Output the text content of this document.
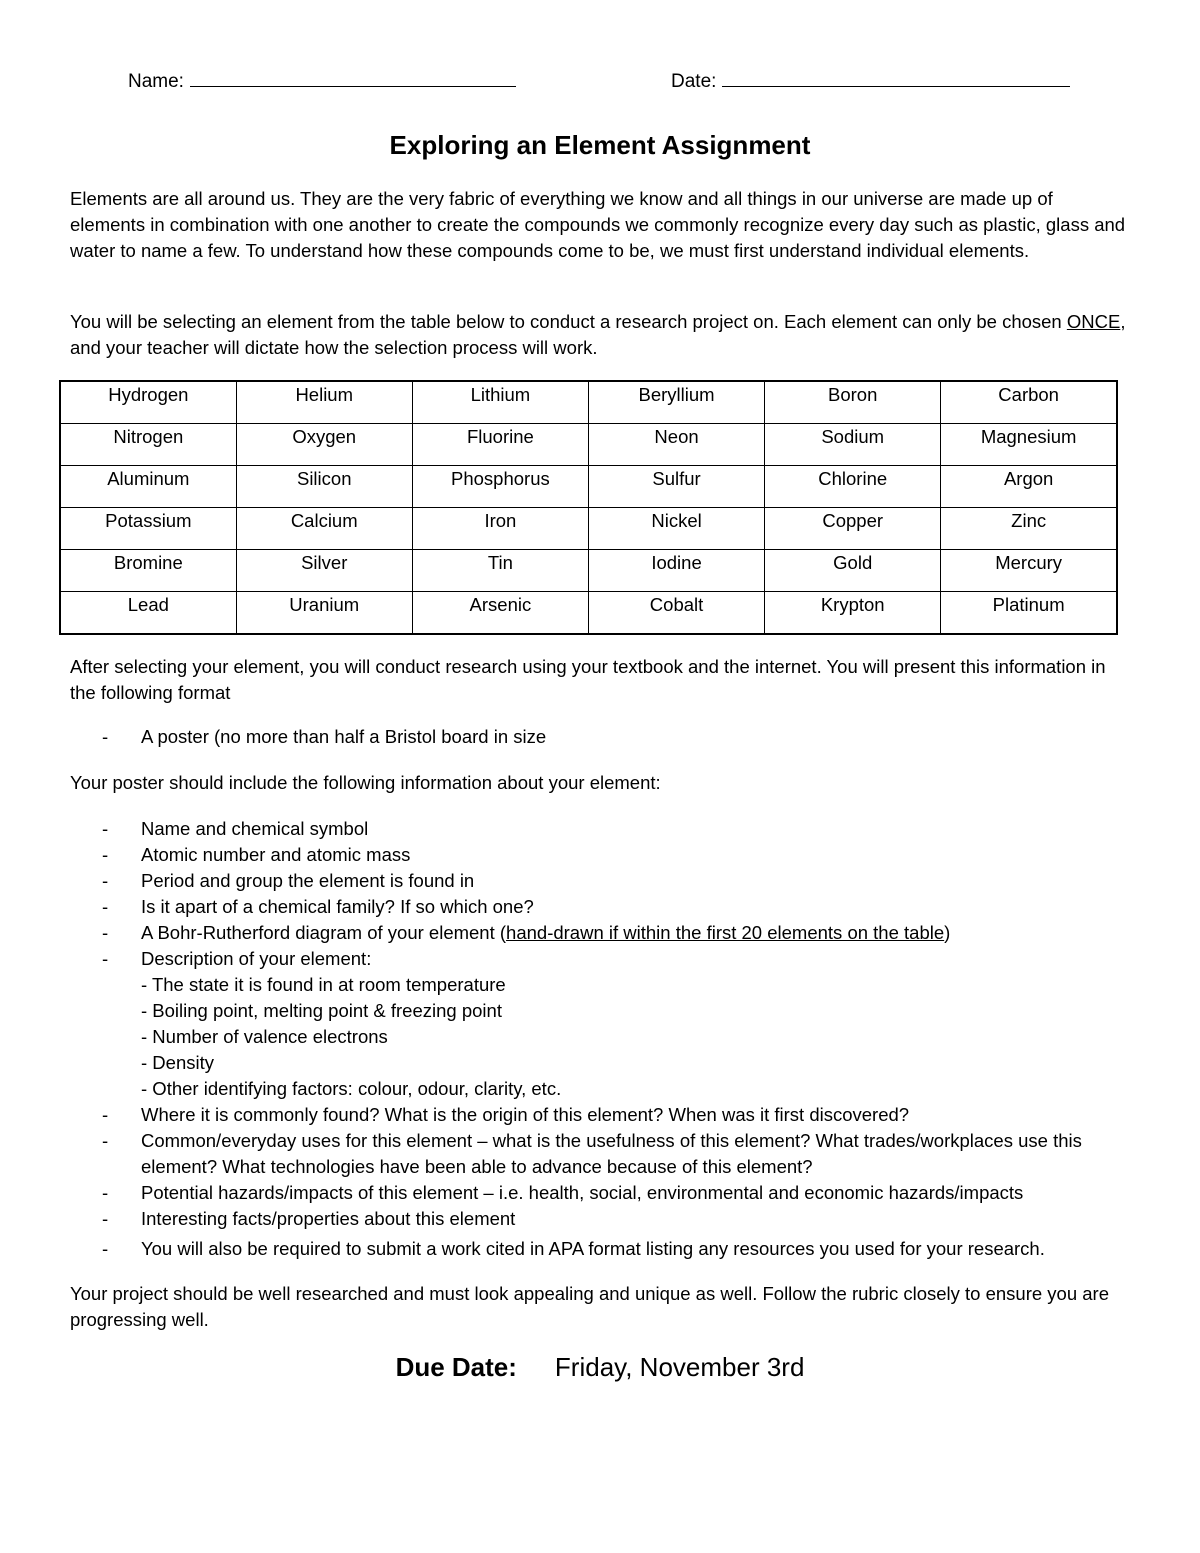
Name:	Date:
Exploring an Element Assignment

Elements are all around us. They are the very fabric of everything we know and all things in our universe are made up of elements in combination with one another to create the compounds we commonly recognize every day such as plastic, glass and water to name a few. To understand how these compounds come to be, we must first understand individual elements.

You will be selecting an element from the table below to conduct a research project on. Each element can only be chosen ONCE, and your teacher will dictate how the selection process will work.

Hydrogen	Helium	Lithium	Beryllium	Boron	Carbon
Nitrogen	Oxygen	Fluorine	Neon	Sodium	Magnesium
Aluminum	Silicon	Phosphorus	Sulfur	Chlorine	Argon
Potassium	Calcium	Iron	Nickel	Copper	Zinc
Bromine	Silver	Tin	Iodine	Gold	Mercury
Lead	Uranium	Arsenic	Cobalt	Krypton	Platinum

After selecting your element, you will conduct research using your textbook and the internet. You will present this information in the following format

- A poster (no more than half a Bristol board in size

Your poster should include the following information about your element:

- Name and chemical symbol
- Atomic number and atomic mass
- Period and group the element is found in
- Is it apart of a chemical family? If so which one?
- A Bohr-Rutherford diagram of your element (hand-drawn if within the first 20 elements on the table)
- Description of your element:
- The state it is found in at room temperature
- Boiling point, melting point & freezing point
- Number of valence electrons
- Density
- Other identifying factors: colour, odour, clarity, etc.
- Where it is commonly found? What is the origin of this element? When was it first discovered?
- Common/everyday uses for this element – what is the usefulness of this element? What trades/workplaces use this element? What technologies have been able to advance because of this element?
- Potential hazards/impacts of this element – i.e. health, social, environmental and economic hazards/impacts
- Interesting facts/properties about this element
- You will also be required to submit a work cited in APA format listing any resources you used for your research.

Your project should be well researched and must look appealing and unique as well. Follow the rubric closely to ensure you are progressing well.

Due Date: Friday, November 3rd
